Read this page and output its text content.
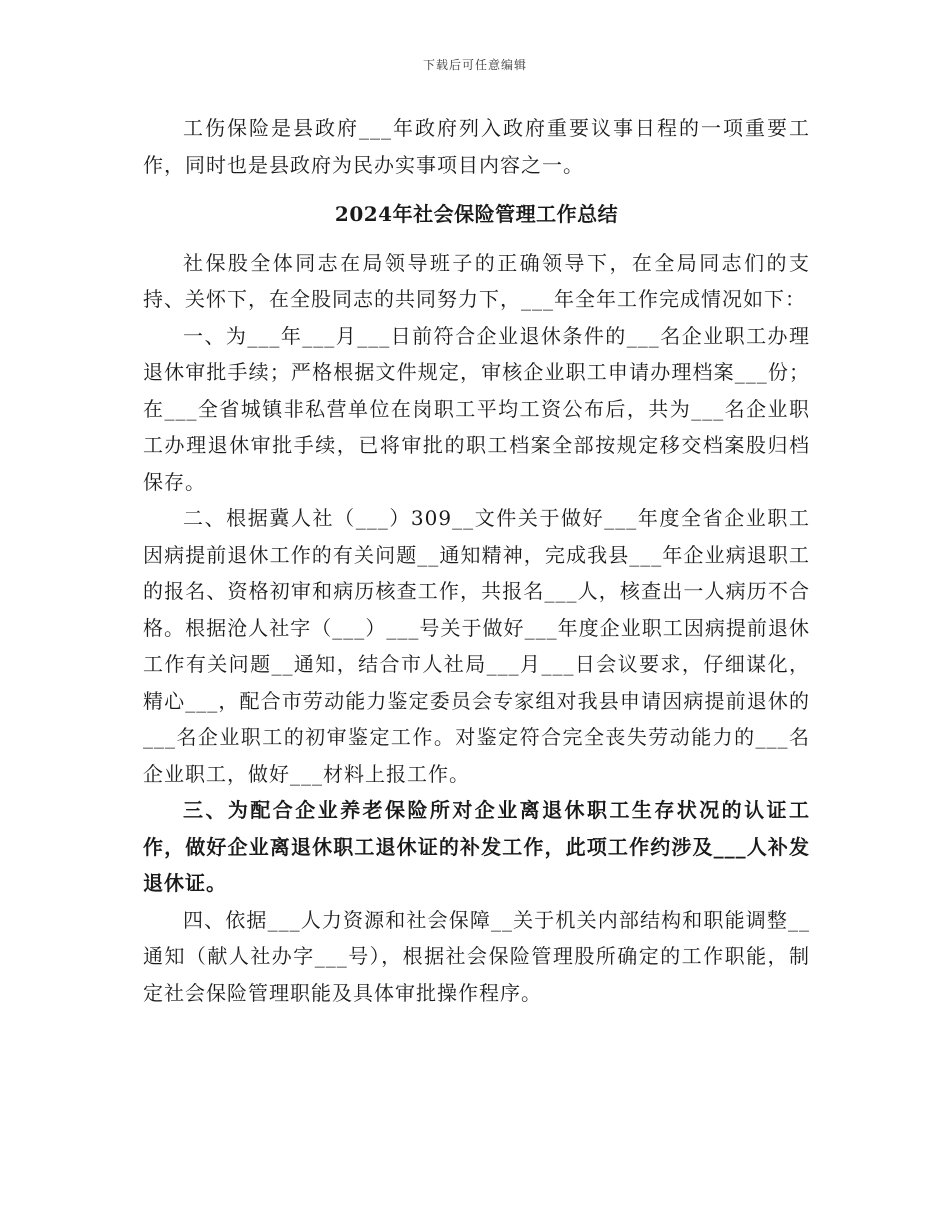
下载后可任意编辑

工伤保险是县政府___年政府列入政府重要议事日程的一项重要工作，同时也是县政府为民办实事项目内容之一。

2024年社会保险管理工作总结

社保股全体同志在局领导班子的正确领导下，在全局同志们的支持、关怀下，在全股同志的共同努力下，___年全年工作完成情况如下：

一、为___年___月___日前符合企业退休条件的___名企业职工办理退休审批手续；严格根据文件规定，审核企业职工申请办理档案___份；在___全省城镇非私营单位在岗职工平均工资公布后，共为___名企业职工办理退休审批手续，已将审批的职工档案全部按规定移交档案股归档保存。

二、根据冀人社（___）309__文件关于做好___年度全省企业职工因病提前退休工作的有关问题__通知精神，完成我县___年企业病退职工的报名、资格初审和病历核查工作，共报名___人，核查出一人病历不合格。根据沧人社字（___）___号关于做好___年度企业职工因病提前退休工作有关问题__通知，结合市人社局___月___日会议要求，仔细谋化，精心___，配合市劳动能力鉴定委员会专家组对我县申请因病提前退休的___名企业职工的初审鉴定工作。对鉴定符合完全丧失劳动能力的___名企业职工，做好___材料上报工作。

三、为配合企业养老保险所对企业离退休职工生存状况的认证工作，做好企业离退休职工退休证的补发工作，此项工作约涉及___人补发退休证。

四、依据___人力资源和社会保障__关于机关内部结构和职能调整__通知（献人社办字___号），根据社会保险管理股所确定的工作职能，制定社会保险管理职能及具体审批操作程序。
